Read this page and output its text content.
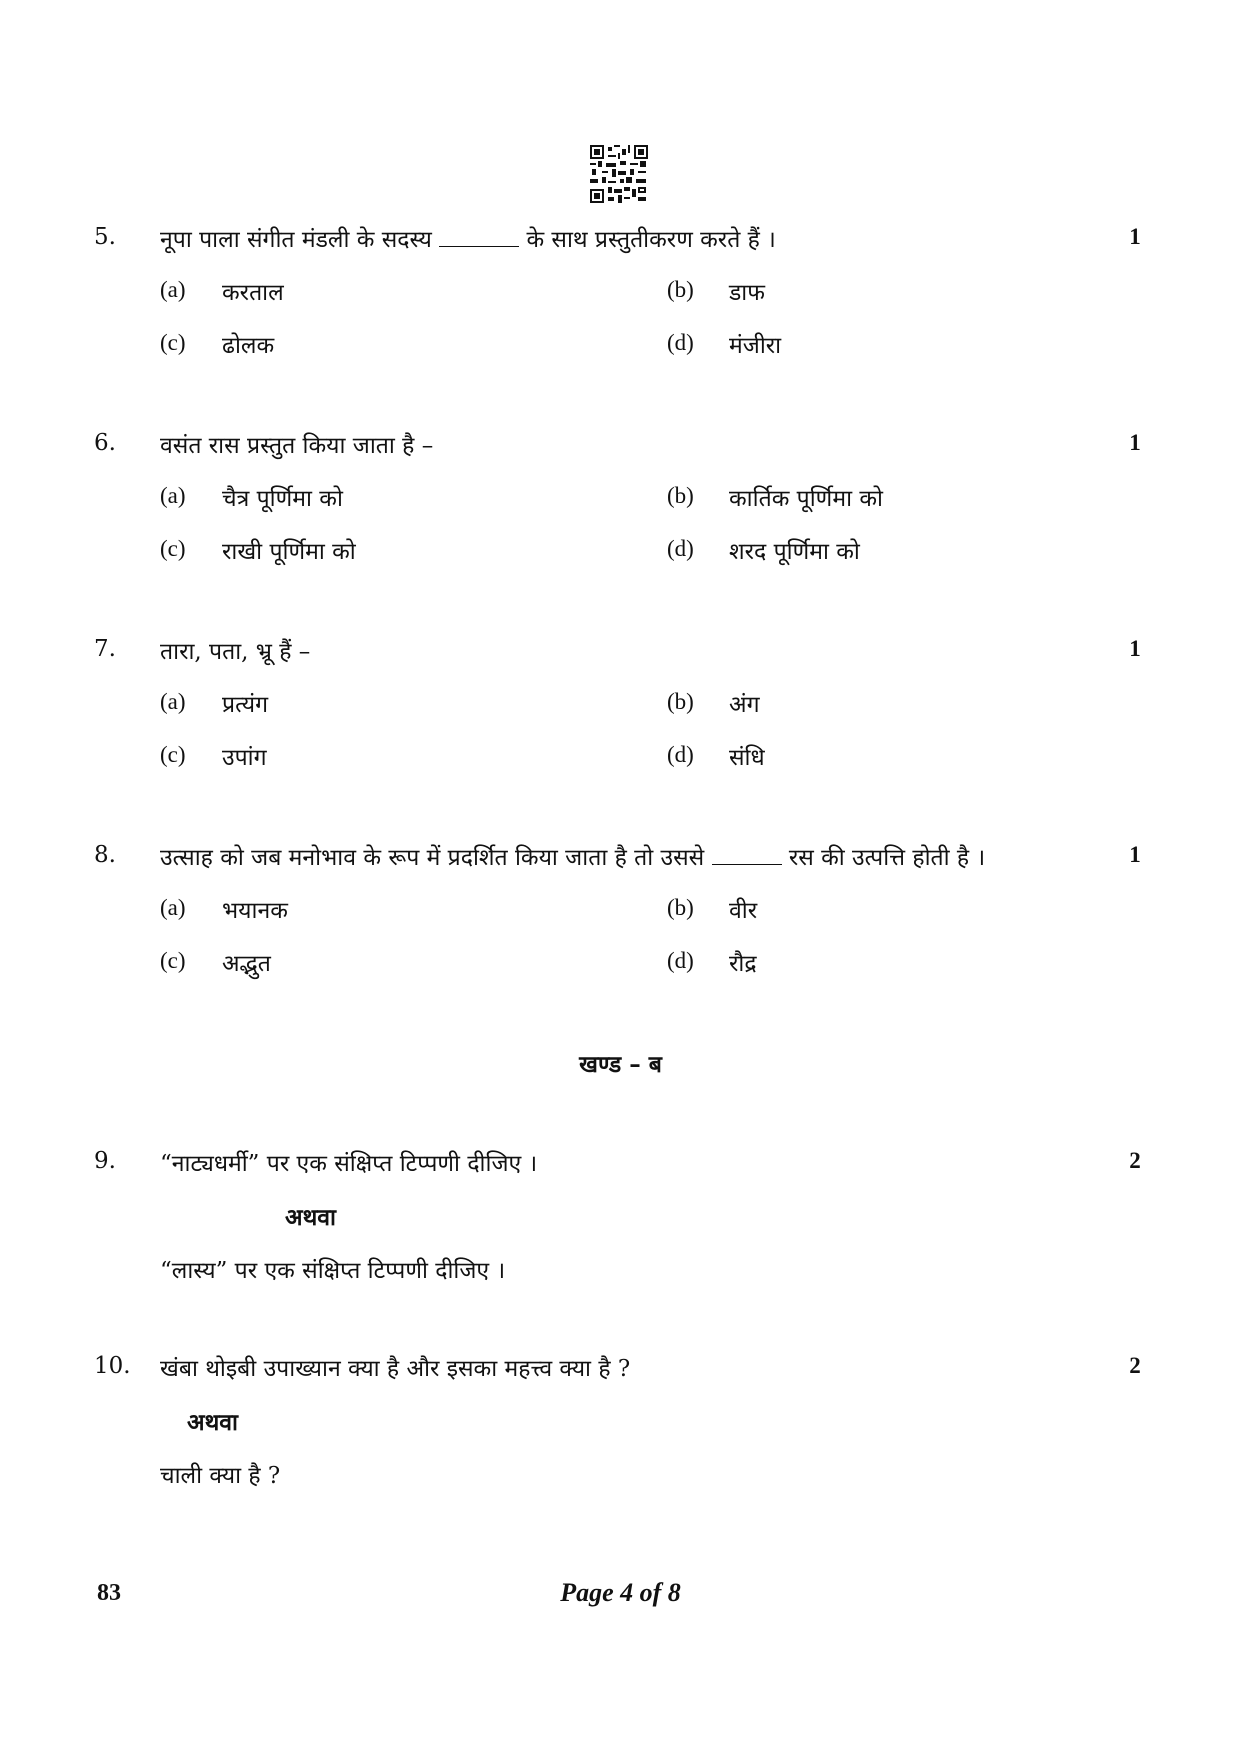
5. नूपा पाला संगीत मंडली के सदस्य	के साथ प्रस्तुतीकरण करते हैं ।	1
(a) करताल	(b) डाफ
(c) ढोलक	(d) मंजीरा
6. वसंत रास प्रस्तुत किया जाता है –	1
(a) चैत्र पूर्णिमा को	(b) कार्तिक पूर्णिमा को
(c) राखी पूर्णिमा को	(d) शरद पूर्णिमा को
7. तारा, पता, भ्रू हैं –	1
(a) प्रत्यंग	(b) अंग
(c) उपांग	(d) संधि
8. उत्साह को जब मनोभाव के रूप में प्रदर्शित किया जाता है तो उससे	रस की उत्पत्ति होती है ।	1
(a) भयानक	(b) वीर
(c) अद्भुत	(d) रौद्र
खण्ड – ब
9. “नाट्यधर्मी” पर एक संक्षिप्त टिप्पणी दीजिए ।	2
अथवा
“लास्य” पर एक संक्षिप्त टिप्पणी दीजिए ।
10. खंबा थोइबी उपाख्यान क्या है और इसका महत्त्व क्या है ?	2
अथवा
चाली क्या है ?
83	Page 4 of 8
